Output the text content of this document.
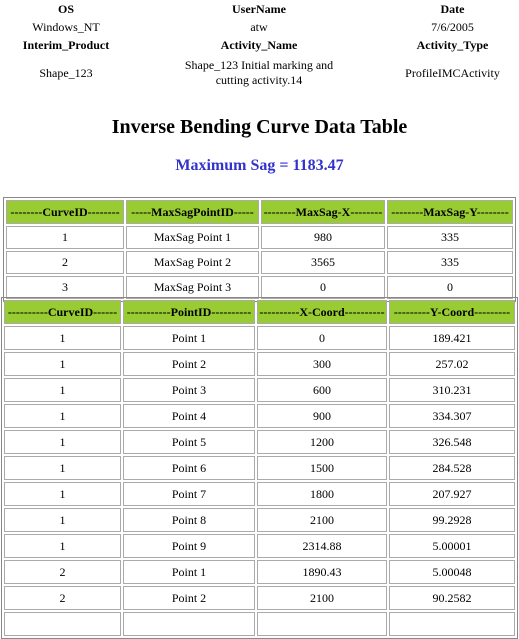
OS	UserName	Date
Windows_NT	atw	7/6/2005
Interim_Product	Activity_Name	Activity_Type
Shape_123	Shape_123 Initial marking and cutting activity.14	ProfileIMCActivity
Inverse Bending Curve Data Table
Maximum Sag = 1183.47
--------CurveID--------	-----MaxSagPointID-----	--------MaxSag-X--------	--------MaxSag-Y--------
1	MaxSag Point 1	980	335
2	MaxSag Point 2	3565	335
3	MaxSag Point 3	0	0
----------CurveID------	-----------PointID----------	----------X-Coord----------	---------Y-Coord---------
1	Point 1	0	189.421
1	Point 2	300	257.02
1	Point 3	600	310.231
1	Point 4	900	334.307
1	Point 5	1200	326.548
1	Point 6	1500	284.528
1	Point 7	1800	207.927
1	Point 8	2100	99.2928
1	Point 9	2314.88	5.00001
2	Point 1	1890.43	5.00048
2	Point 2	2100	90.2582
